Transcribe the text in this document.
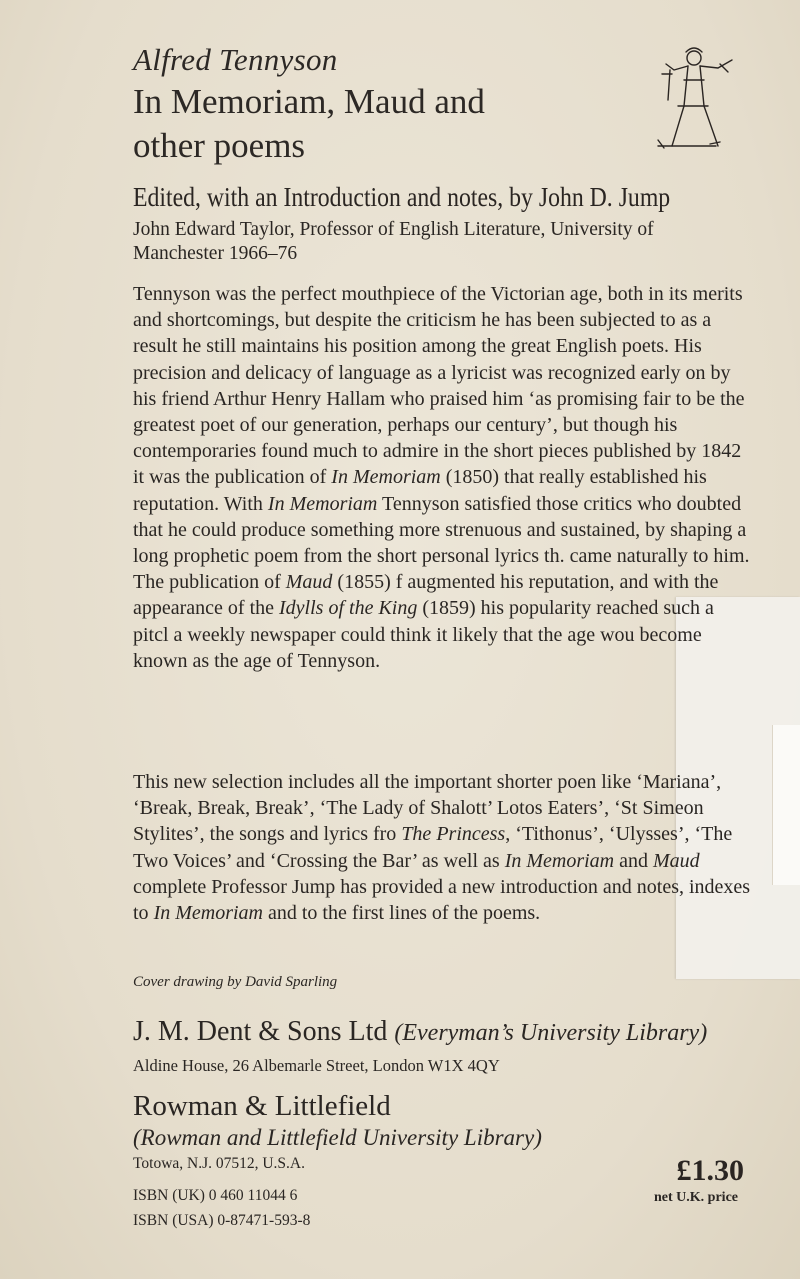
Alfred Tennyson
In Memoriam, Maud and
other poems
Edited, with an Introduction and notes, by John D. Jump
John Edward Taylor, Professor of English Literature, University of Manchester 1966–76

Tennyson was the perfect mouthpiece of the Victorian age, both in its merits and shortcomings, but despite the criticism he has been subjected to as a result he still maintains his position among the great English poets. His precision and delicacy of language as a lyricist was recognized early on by his friend Arthur Henry Hallam who praised him ‘as promising fair to be the greatest poet of our generation, perhaps our century’, but though his contemporaries found much to admire in the short pieces published by 1842 it was the publication of In Memoriam (1850) that really established his reputation. With In Memoriam Tennyson satisfied those critics who doubted that he could produce something more strenuous and sustained, by shaping a long prophetic poem from the short personal lyrics th. came naturally to him. The publication of Maud (1855) f augmented his reputation, and with the appearance of the Idylls of the King (1859) his popularity reached such a pitcl a weekly newspaper could think it likely that the age wou become known as the age of Tennyson.

This new selection includes all the important shorter poen like ‘Mariana’, ‘Break, Break, Break’, ‘The Lady of Shalott’ Lotos Eaters’, ‘St Simeon Stylites’, the songs and lyrics fro The Princess, ‘Tithonus’, ‘Ulysses’, ‘The Two Voices’ and ‘Crossing the Bar’ as well as In Memoriam and Maud complete Professor Jump has provided a new introduction and notes, indexes to In Memoriam and to the first lines of the poems.

Cover drawing by David Sparling
J. M. Dent & Sons Ltd (Everyman’s University Library)
Aldine House, 26 Albemarle Street, London W1X 4QY
Rowman & Littlefield
(Rowman and Littlefield University Library)
Totowa, N.J. 07512, U.S.A.
ISBN (UK) 0 460 11044 6
ISBN (USA) 0-87471-593-8
£1.30
net U.K. price
